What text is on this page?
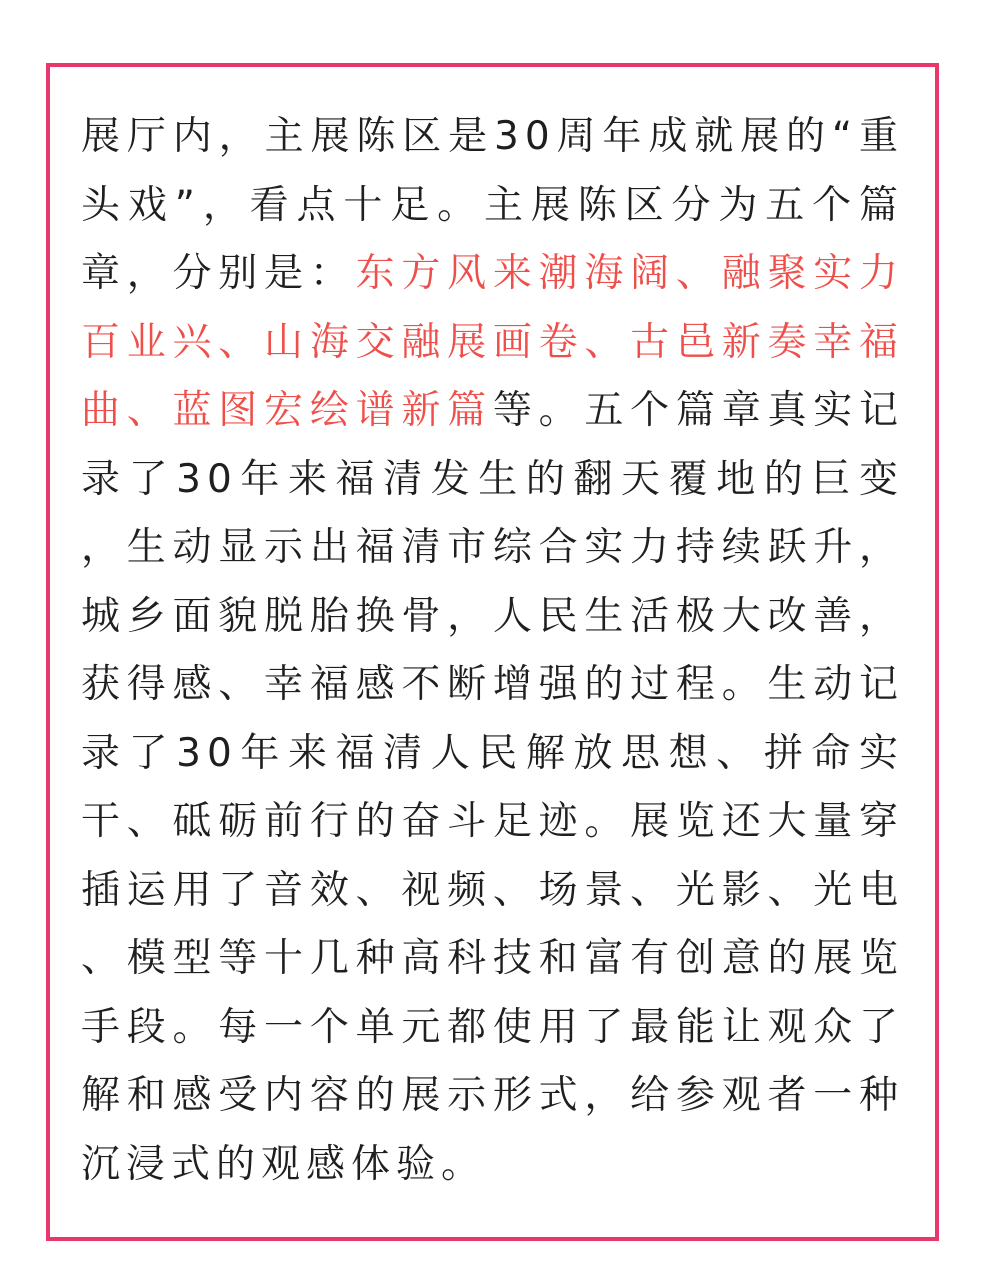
展厅内，主展陈区是30周年成就展的“重头戏”，看点十足。主展陈区分为五个篇章，分别是：东方风来潮海阔、融聚实力百业兴、山海交融展画卷、古邑新奏幸福曲、蓝图宏绘谱新篇等。五个篇章真实记录了30年来福清发生的翻天覆地的巨变，生动显示出福清市综合实力持续跃升，城乡面貌脱胎换骨，人民生活极大改善，获得感、幸福感不断增强的过程。生动记录了30年来福清人民解放思想、拼命实干、砥砺前行的奋斗足迹。展览还大量穿插运用了音效、视频、场景、光影、光电、模型等十几种高科技和富有创意的展览手段。每一个单元都使用了最能让观众了解和感受内容的展示形式，给参观者一种沉浸式的观感体验。
